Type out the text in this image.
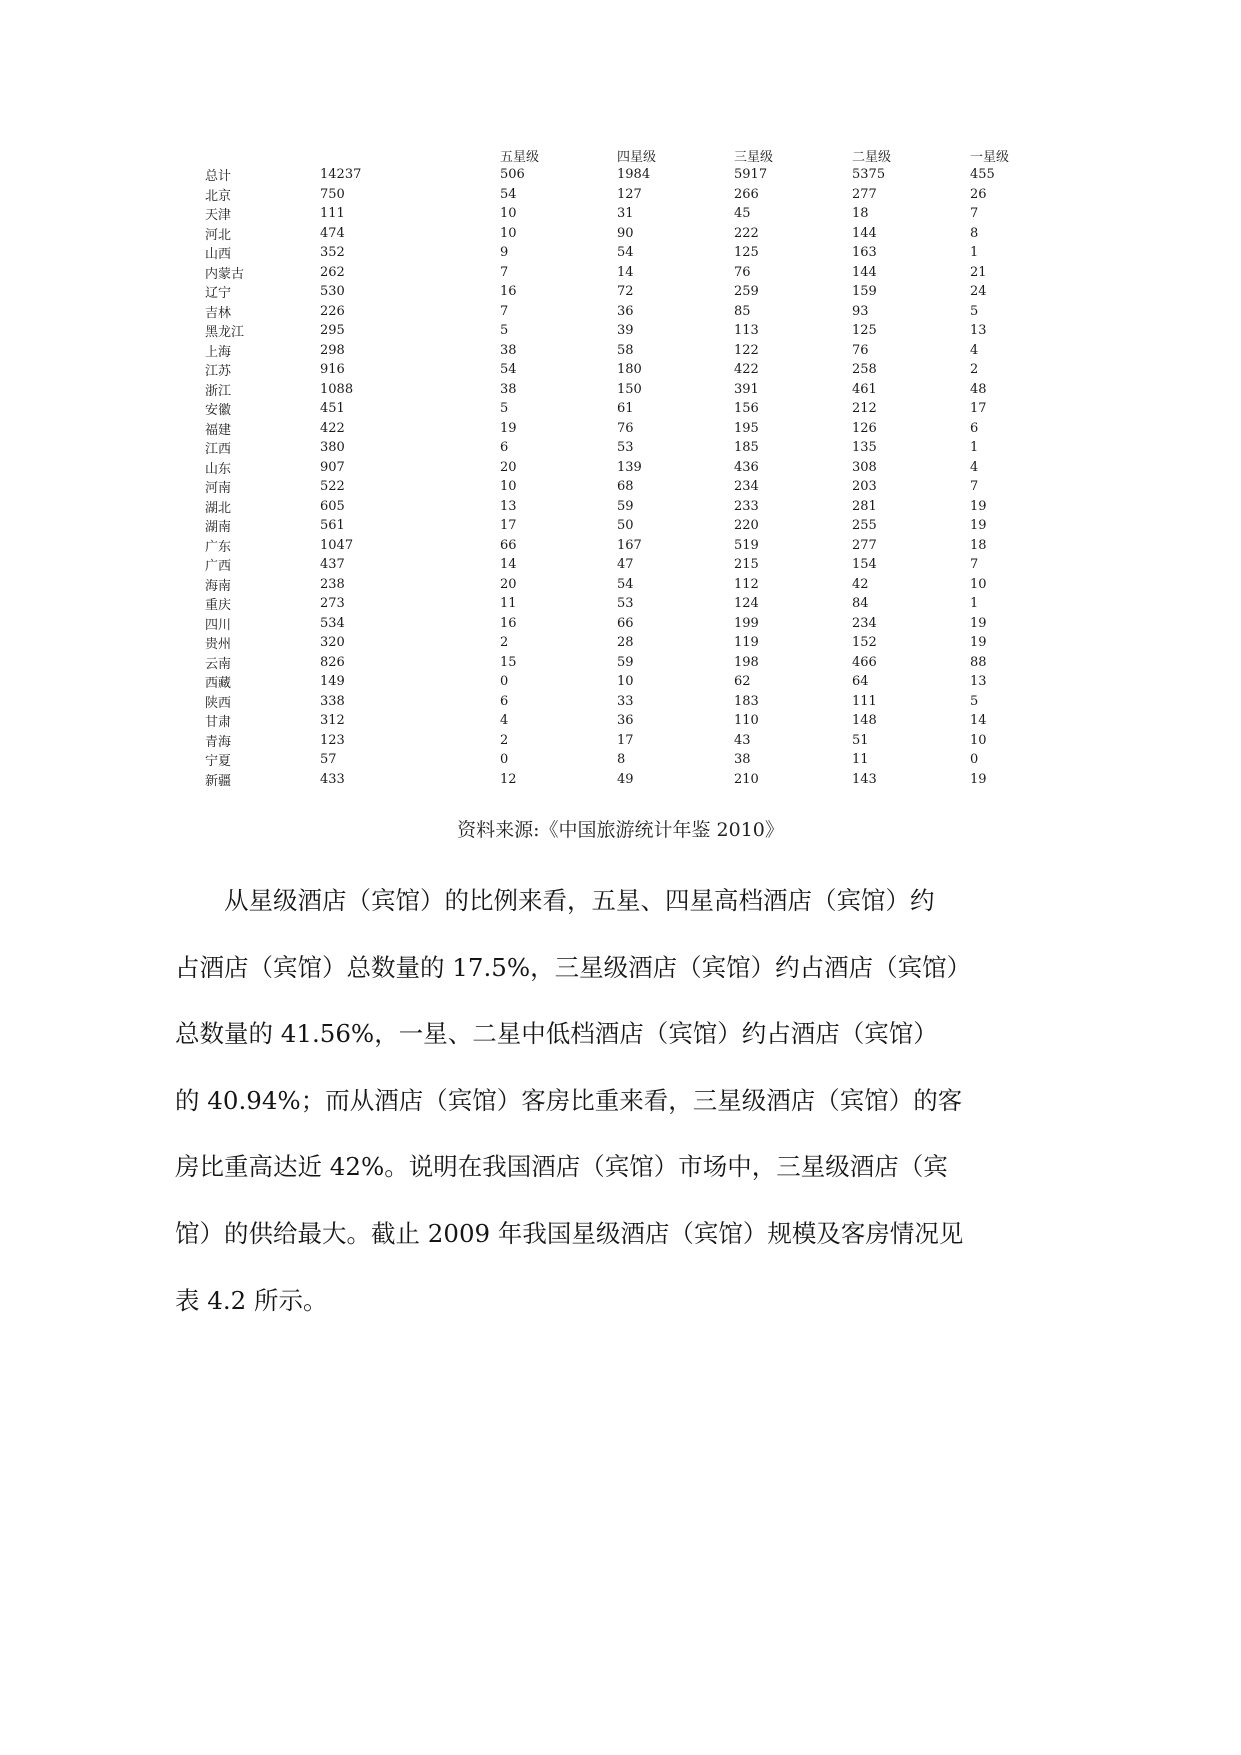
		五星级	四星级	三星级	二星级	一星级
总计	14237	506	1984	5917	5375	455
北京	750	54	127	266	277	26
天津	111	10	31	45	18	7
河北	474	10	90	222	144	8
山西	352	9	54	125	163	1
内蒙古	262	7	14	76	144	21
辽宁	530	16	72	259	159	24
吉林	226	7	36	85	93	5
黑龙江	295	5	39	113	125	13
上海	298	38	58	122	76	4
江苏	916	54	180	422	258	2
浙江	1088	38	150	391	461	48
安徽	451	5	61	156	212	17
福建	422	19	76	195	126	6
江西	380	6	53	185	135	1
山东	907	20	139	436	308	4
河南	522	10	68	234	203	7
湖北	605	13	59	233	281	19
湖南	561	17	50	220	255	19
广东	1047	66	167	519	277	18
广西	437	14	47	215	154	7
海南	238	20	54	112	42	10
重庆	273	11	53	124	84	1
四川	534	16	66	199	234	19
贵州	320	2	28	119	152	19
云南	826	15	59	198	466	88
西藏	149	0	10	62	64	13
陕西	338	6	33	183	111	5
甘肃	312	4	36	110	148	14
青海	123	2	17	43	51	10
宁夏	57	0	8	38	11	0
新疆	433	12	49	210	143	19
资料来源:《中国旅游统计年鉴 2010》
从星级酒店（宾馆）的比例来看，五星、四星高档酒店（宾馆）约
占酒店（宾馆）总数量的 17.5%，三星级酒店（宾馆）约占酒店（宾馆）
总数量的 41.56%，一星、二星中低档酒店（宾馆）约占酒店（宾馆）
的 40.94%；而从酒店（宾馆）客房比重来看，三星级酒店（宾馆）的客
房比重高达近 42%。说明在我国酒店（宾馆）市场中，三星级酒店（宾
馆）的供给最大。截止 2009 年我国星级酒店（宾馆）规模及客房情况见
表 4.2 所示。
